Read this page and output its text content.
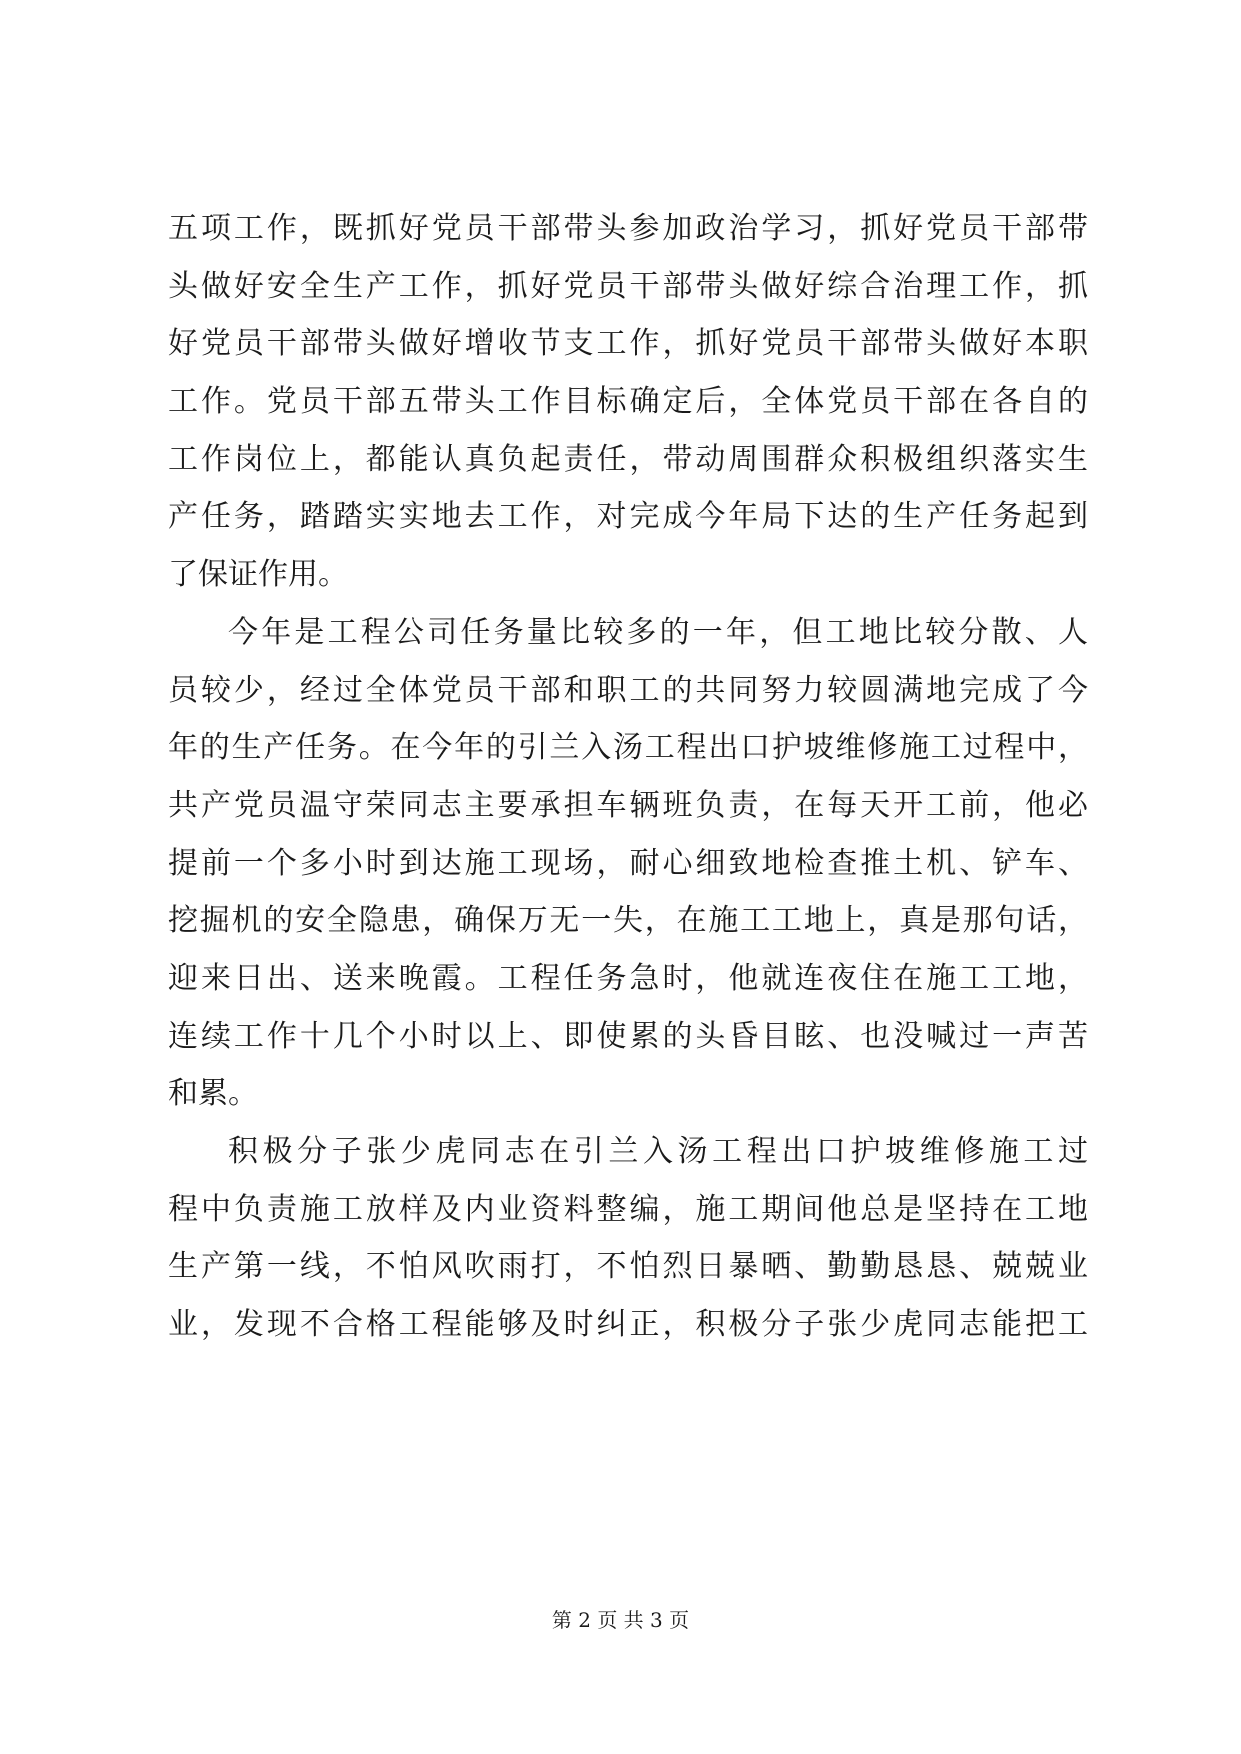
五项工作，既抓好党员干部带头参加政治学习，抓好党员干部带
头做好安全生产工作，抓好党员干部带头做好综合治理工作，抓
好党员干部带头做好增收节支工作，抓好党员干部带头做好本职
工作。党员干部五带头工作目标确定后，全体党员干部在各自的
工作岗位上，都能认真负起责任，带动周围群众积极组织落实生
产任务，踏踏实实地去工作，对完成今年局下达的生产任务起到
了保证作用。
今年是工程公司任务量比较多的一年，但工地比较分散、人
员较少，经过全体党员干部和职工的共同努力较圆满地完成了今
年的生产任务。在今年的引兰入汤工程出口护坡维修施工过程中，
共产党员温守荣同志主要承担车辆班负责，在每天开工前，他必
提前一个多小时到达施工现场，耐心细致地检查推土机、铲车、
挖掘机的安全隐患，确保万无一失，在施工工地上，真是那句话，
迎来日出、送来晚霞。工程任务急时，他就连夜住在施工工地，
连续工作十几个小时以上、即使累的头昏目眩、也没喊过一声苦
和累。
积极分子张少虎同志在引兰入汤工程出口护坡维修施工过
程中负责施工放样及内业资料整编，施工期间他总是坚持在工地
生产第一线，不怕风吹雨打，不怕烈日暴晒、勤勤恳恳、兢兢业
业，发现不合格工程能够及时纠正，积极分子张少虎同志能把工
第 2 页 共 3 页
